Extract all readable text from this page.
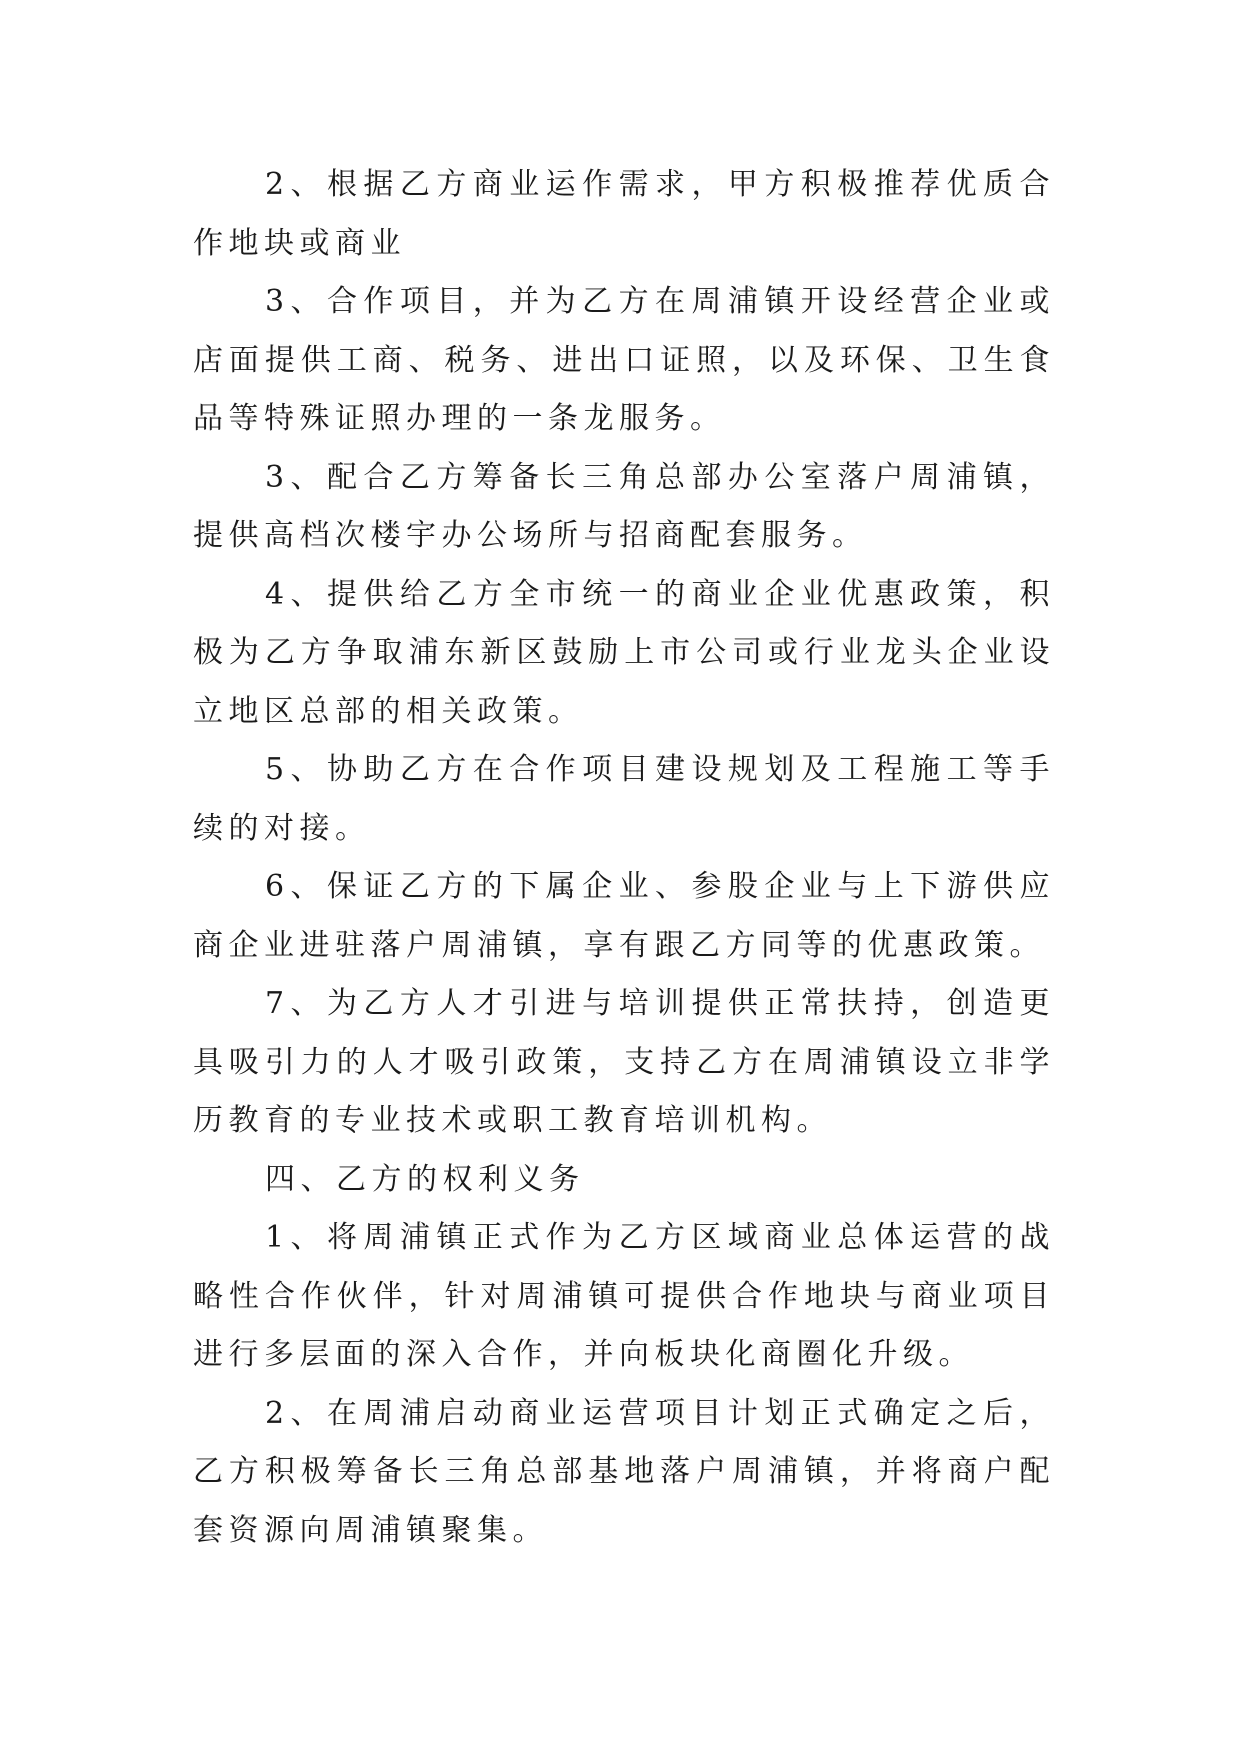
2、根据乙方商业运作需求，甲方积极推荐优质合作地块或商业

3、合作项目，并为乙方在周浦镇开设经营企业或店面提供工商、税务、进出口证照，以及环保、卫生食品等特殊证照办理的一条龙服务。

3、配合乙方筹备长三角总部办公室落户周浦镇，提供高档次楼宇办公场所与招商配套服务。

4、提供给乙方全市统一的商业企业优惠政策，积极为乙方争取浦东新区鼓励上市公司或行业龙头企业设立地区总部的相关政策。

5、协助乙方在合作项目建设规划及工程施工等手续的对接。

6、保证乙方的下属企业、参股企业与上下游供应商企业进驻落户周浦镇，享有跟乙方同等的优惠政策。

7、为乙方人才引进与培训提供正常扶持，创造更具吸引力的人才吸引政策，支持乙方在周浦镇设立非学历教育的专业技术或职工教育培训机构。

四、乙方的权利义务

1、将周浦镇正式作为乙方区域商业总体运营的战略性合作伙伴，针对周浦镇可提供合作地块与商业项目进行多层面的深入合作，并向板块化商圈化升级。

2、在周浦启动商业运营项目计划正式确定之后，乙方积极筹备长三角总部基地落户周浦镇，并将商户配套资源向周浦镇聚集。
